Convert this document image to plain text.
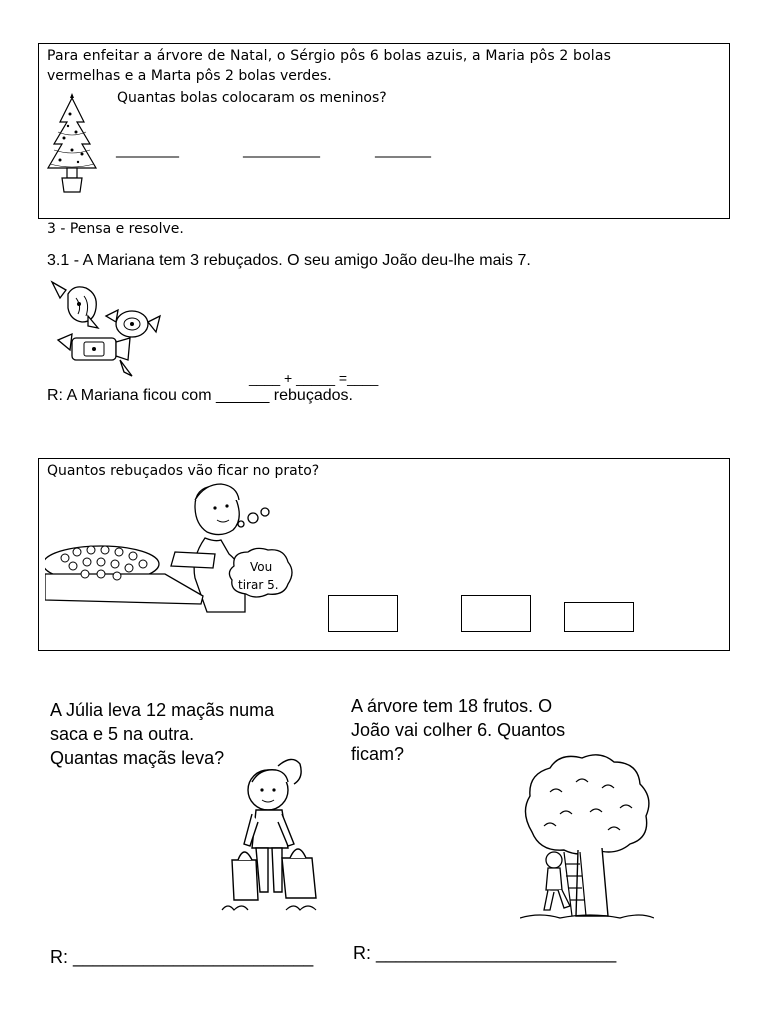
Para enfeitar a árvore de Natal, o Sérgio pôs 6 bolas azuis, a Maria pôs 2 bolas
vermelhas e a Marta pôs 2 bolas verdes.
Quantas bolas colocaram os meninos?
_________	___________	________
3 - Pensa e resolve.
3.1 - A Mariana tem 3 rebuçados. O seu amigo João deu-lhe mais 7.
____ + _____ =____
R: A Mariana ficou com ______ rebuçados.
Quantos rebuçados vão ficar no prato?
Vou
tirar 5.
A Júlia leva 12 maçãs numa
saca e 5 na outra.
Quantas maçãs leva?
R: ________________________
A árvore tem 18 frutos. O
João vai colher 6. Quantos
ficam?
R: ________________________
